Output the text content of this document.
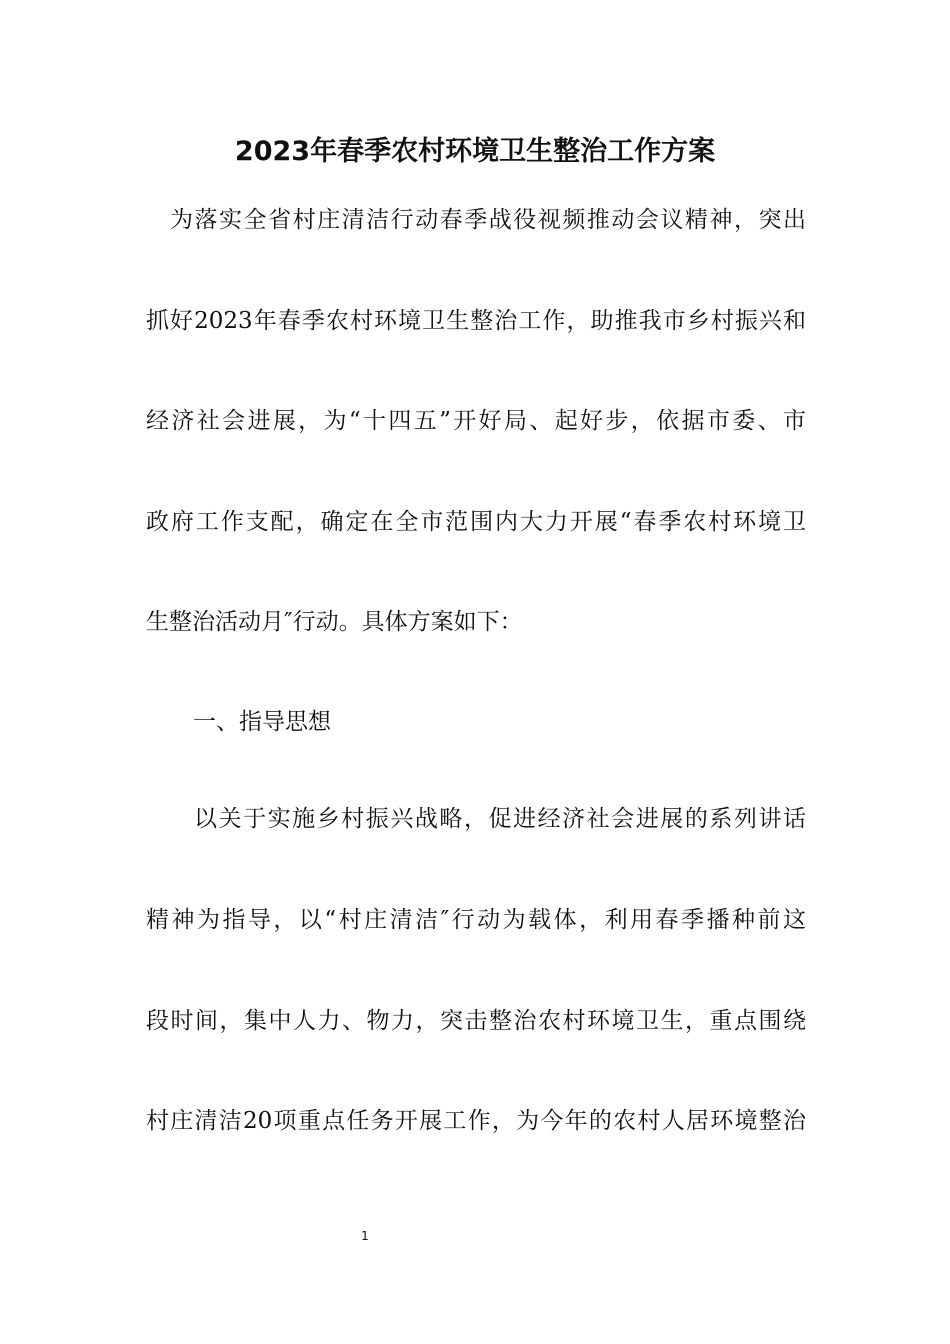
2023年春季农村环境卫生整治工作方案
为落实全省村庄清洁行动春季战役视频推动会议精神，突出
抓好2023年春季农村环境卫生整治工作，助推我市乡村振兴和
经济社会进展，为“十四五”开好局、起好步，依据市委、市
政府工作支配，确定在全市范围内大力开展“春季农村环境卫
生整治活动月″行动。具体方案如下：
一、指导思想
以关于实施乡村振兴战略，促进经济社会进展的系列讲话
精神为指导，以“村庄清洁″行动为载体，利用春季播种前这
段时间，集中人力、物力，突击整治农村环境卫生，重点围绕
村庄清洁20项重点任务开展工作，为今年的农村人居环境整治
1
